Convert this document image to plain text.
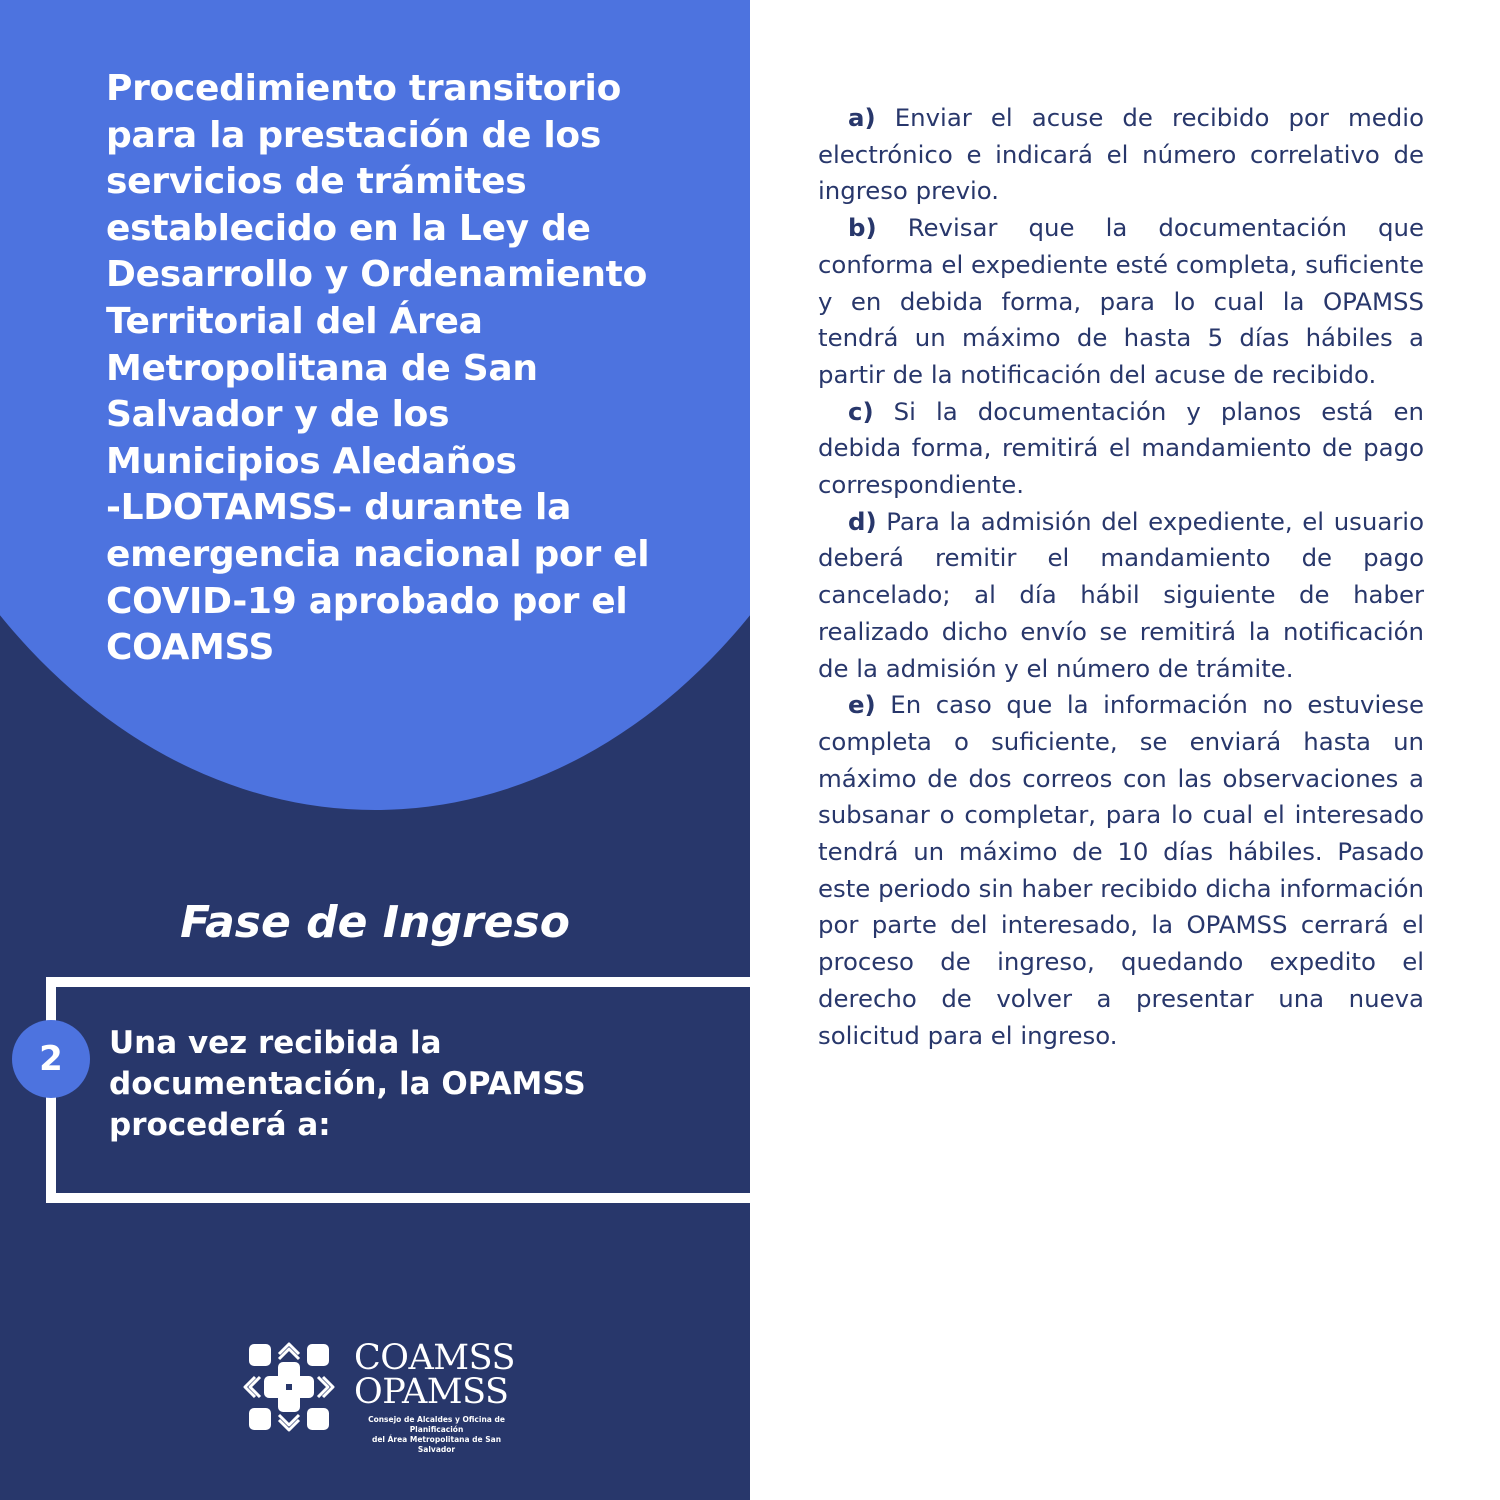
Procedimiento transitorio
para la prestación de los
servicios de trámites
establecido en la Ley de
Desarrollo y Ordenamiento
Territorial del Área
Metropolitana de San
Salvador y de los
Municipios Aledaños
-LDOTAMSS- durante la
emergencia nacional por el
COVID-19 aprobado por el
COAMSS
Fase de Ingreso
2	Una vez recibida la
documentación, la OPAMSS
procederá a:

COAMSS

OPAMSS

Consejo de Alcaldes y Oficina de Planificación
del Área Metropolitana de San Salvador

a) Enviar el acuse de recibido por medio electrónico e indicará el número correlativo de ingreso previo.

b) Revisar que la documentación que conforma el expediente esté completa, suficiente y en debida forma, para lo cual la OPAMSS tendrá un máximo de hasta 5 días hábiles a partir de la notificación del acuse de recibido.

c) Si la documentación y planos está en debida forma, remitirá el mandamiento de pago correspondiente.

d) Para la admisión del expediente, el usuario deberá remitir el mandamiento de pago cancelado; al día hábil siguiente de haber realizado dicho envío se remitirá la notificación de la admisión y el número de trámite.

e) En caso que la información no estuviese completa o suficiente, se enviará hasta un máximo de dos correos con las observaciones a subsanar o completar, para lo cual el interesado tendrá un máximo de 10 días hábiles. Pasado este periodo sin haber recibido dicha información por parte del interesado, la OPAMSS cerrará el proceso de ingreso, quedando expedito el derecho de volver a presentar una nueva solicitud para el ingreso.
